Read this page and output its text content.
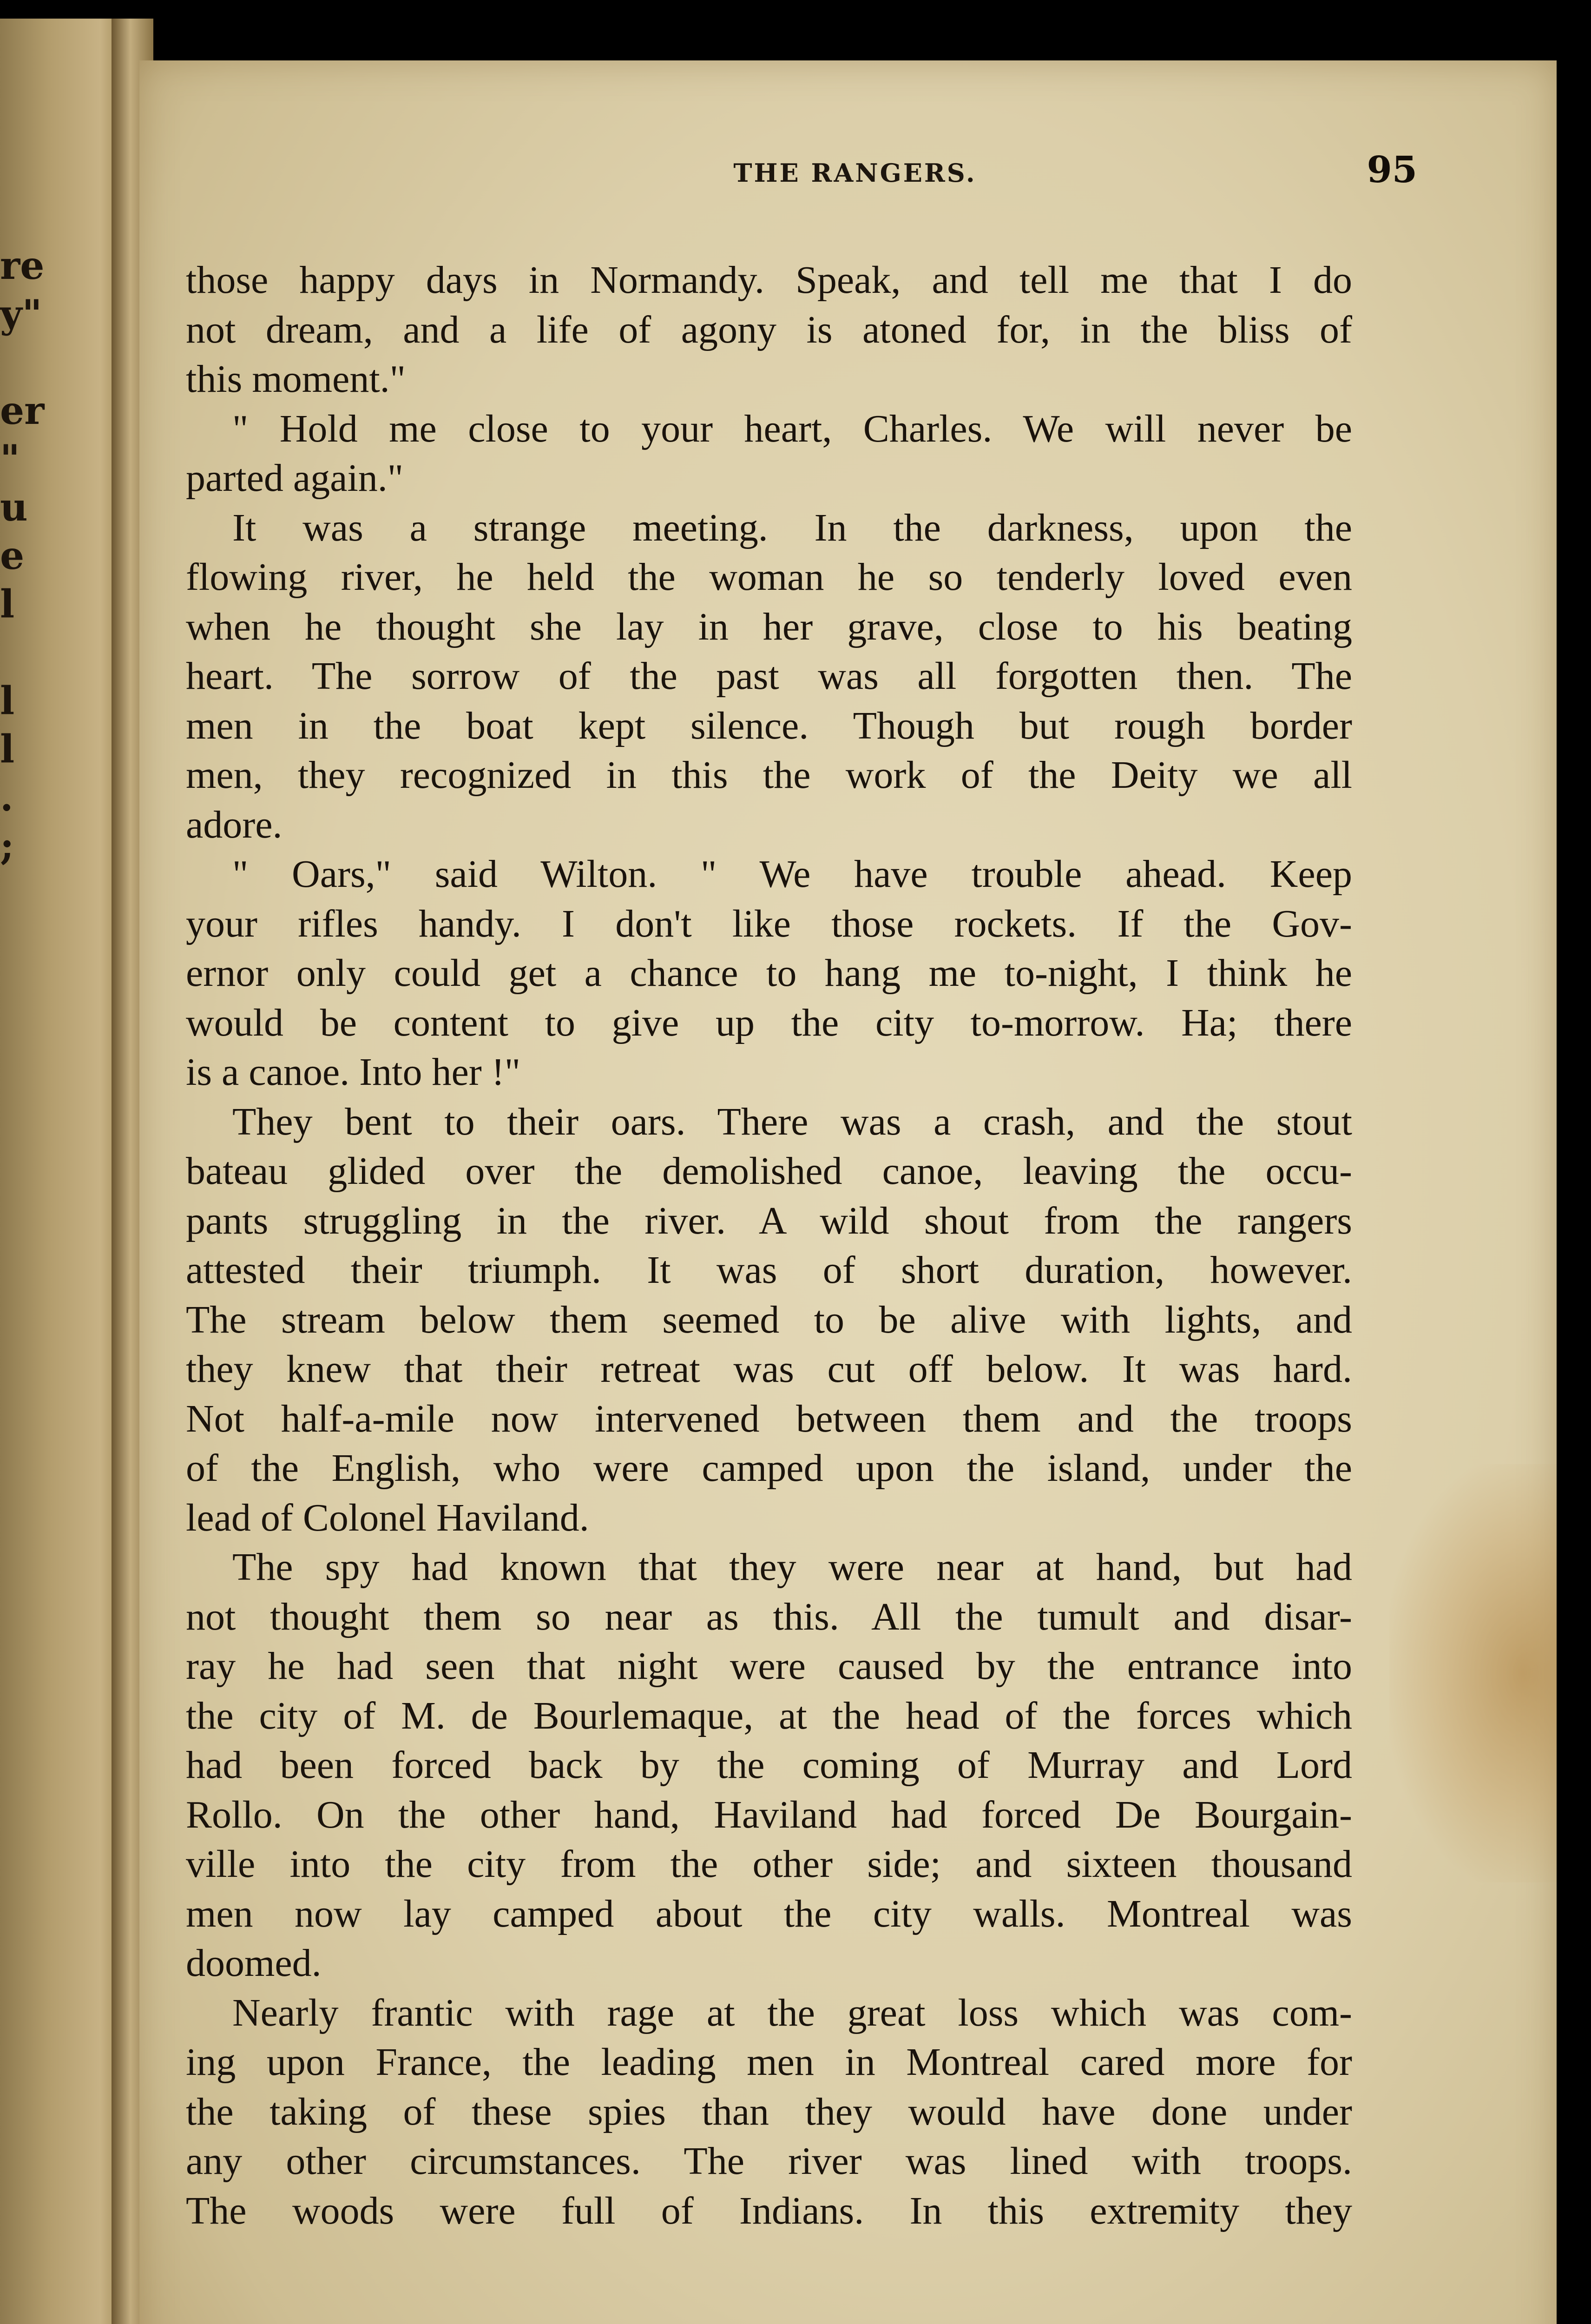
re
y"
er
"
u
e
l
l
l
.
;
THE RANGERS.	95
those happy days in Normandy. Speak, and tell me that I do
not dream, and a life of agony is atoned for, in the bliss of
this moment."
" Hold me close to your heart, Charles. We will never be
parted again."
It was a strange meeting. In the darkness, upon the
flowing river, he held the woman he so tenderly loved even
when he thought she lay in her grave, close to his beating
heart. The sorrow of the past was all forgotten then. The
men in the boat kept silence. Though but rough border
men, they recognized in this the work of the Deity we all
adore.
" Oars," said Wilton. " We have trouble ahead. Keep
your rifles handy. I don't like those rockets. If the Gov-
ernor only could get a chance to hang me to-night, I think he
would be content to give up the city to-morrow. Ha; there
is a canoe. Into her !"
They bent to their oars. There was a crash, and the stout
bateau glided over the demolished canoe, leaving the occu-
pants struggling in the river. A wild shout from the rangers
attested their triumph. It was of short duration, however.
The stream below them seemed to be alive with lights, and
they knew that their retreat was cut off below. It was hard.
Not half-a-mile now intervened between them and the troops
of the English, who were camped upon the island, under the
lead of Colonel Haviland.
The spy had known that they were near at hand, but had
not thought them so near as this. All the tumult and disar-
ray he had seen that night were caused by the entrance into
the city of M. de Bourlemaque, at the head of the forces which
had been forced back by the coming of Murray and Lord
Rollo. On the other hand, Haviland had forced De Bourgain-
ville into the city from the other side; and sixteen thousand
men now lay camped about the city walls. Montreal was
doomed.
Nearly frantic with rage at the great loss which was com-
ing upon France, the leading men in Montreal cared more for
the taking of these spies than they would have done under
any other circumstances. The river was lined with troops.
The woods were full of Indians. In this extremity they
